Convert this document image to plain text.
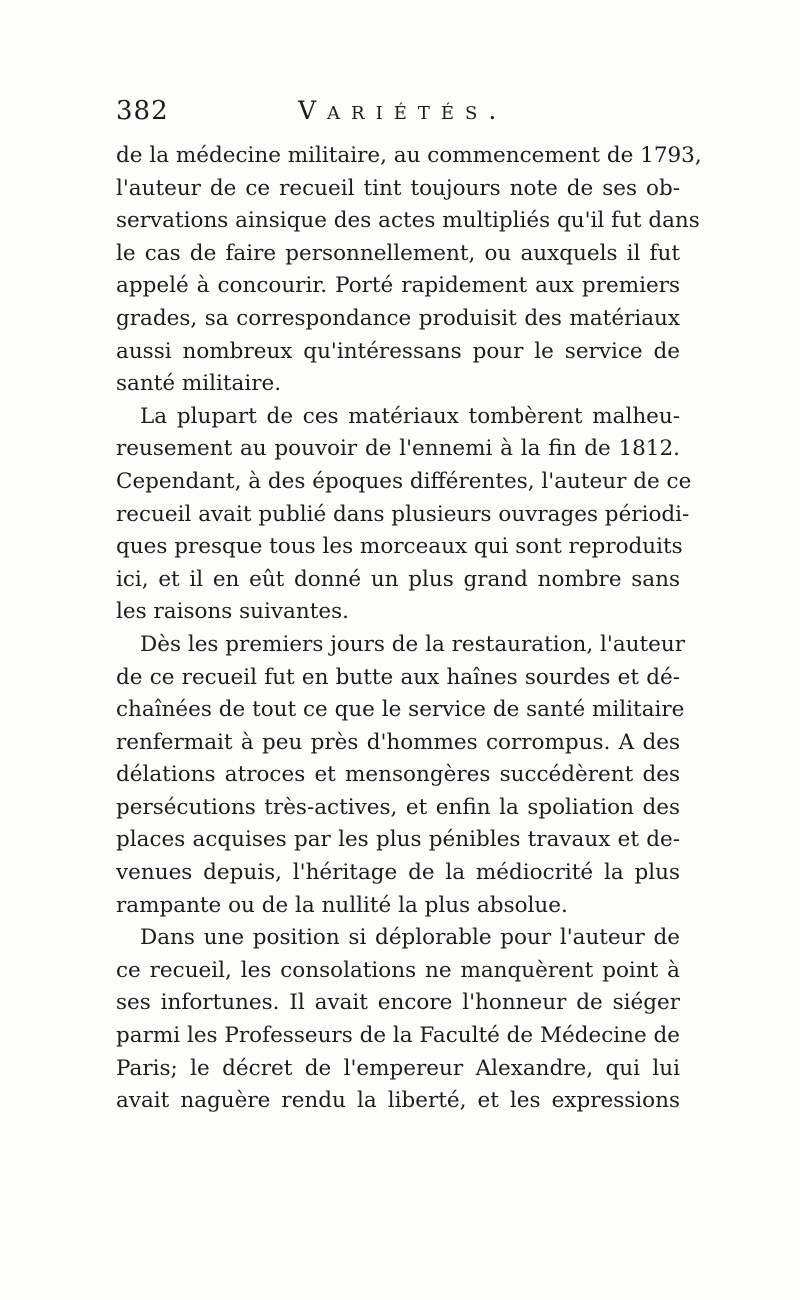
382	Variétés.
de la médecine militaire, au commencement de 1793,
l'auteur de ce recueil tint toujours note de ses ob-
servations ainsique des actes multipliés qu'il fut dans
le cas de faire personnellement, ou auxquels il fut
appelé à concourir. Porté rapidement aux premiers
grades, sa correspondance produisit des matériaux
aussi nombreux qu'intéressans pour le service de
santé militaire.
La plupart de ces matériaux tombèrent malheu-
reusement au pouvoir de l'ennemi à la fin de 1812.
Cependant, à des époques différentes, l'auteur de ce
recueil avait publié dans plusieurs ouvrages périodi-
ques presque tous les morceaux qui sont reproduits
ici, et il en eût donné un plus grand nombre sans
les raisons suivantes.
Dès les premiers jours de la restauration, l'auteur
de ce recueil fut en butte aux haînes sourdes et dé-
chaînées de tout ce que le service de santé militaire
renfermait à peu près d'hommes corrompus. A des
délations atroces et mensongères succédèrent des
persécutions très-actives, et enfin la spoliation des
places acquises par les plus pénibles travaux et de-
venues depuis, l'héritage de la médiocrité la plus
rampante ou de la nullité la plus absolue.
Dans une position si déplorable pour l'auteur de
ce recueil, les consolations ne manquèrent point à
ses infortunes. Il avait encore l'honneur de siéger
parmi les Professeurs de la Faculté de Médecine de
Paris; le décret de l'empereur Alexandre, qui lui
avait naguère rendu la liberté, et les expressions
